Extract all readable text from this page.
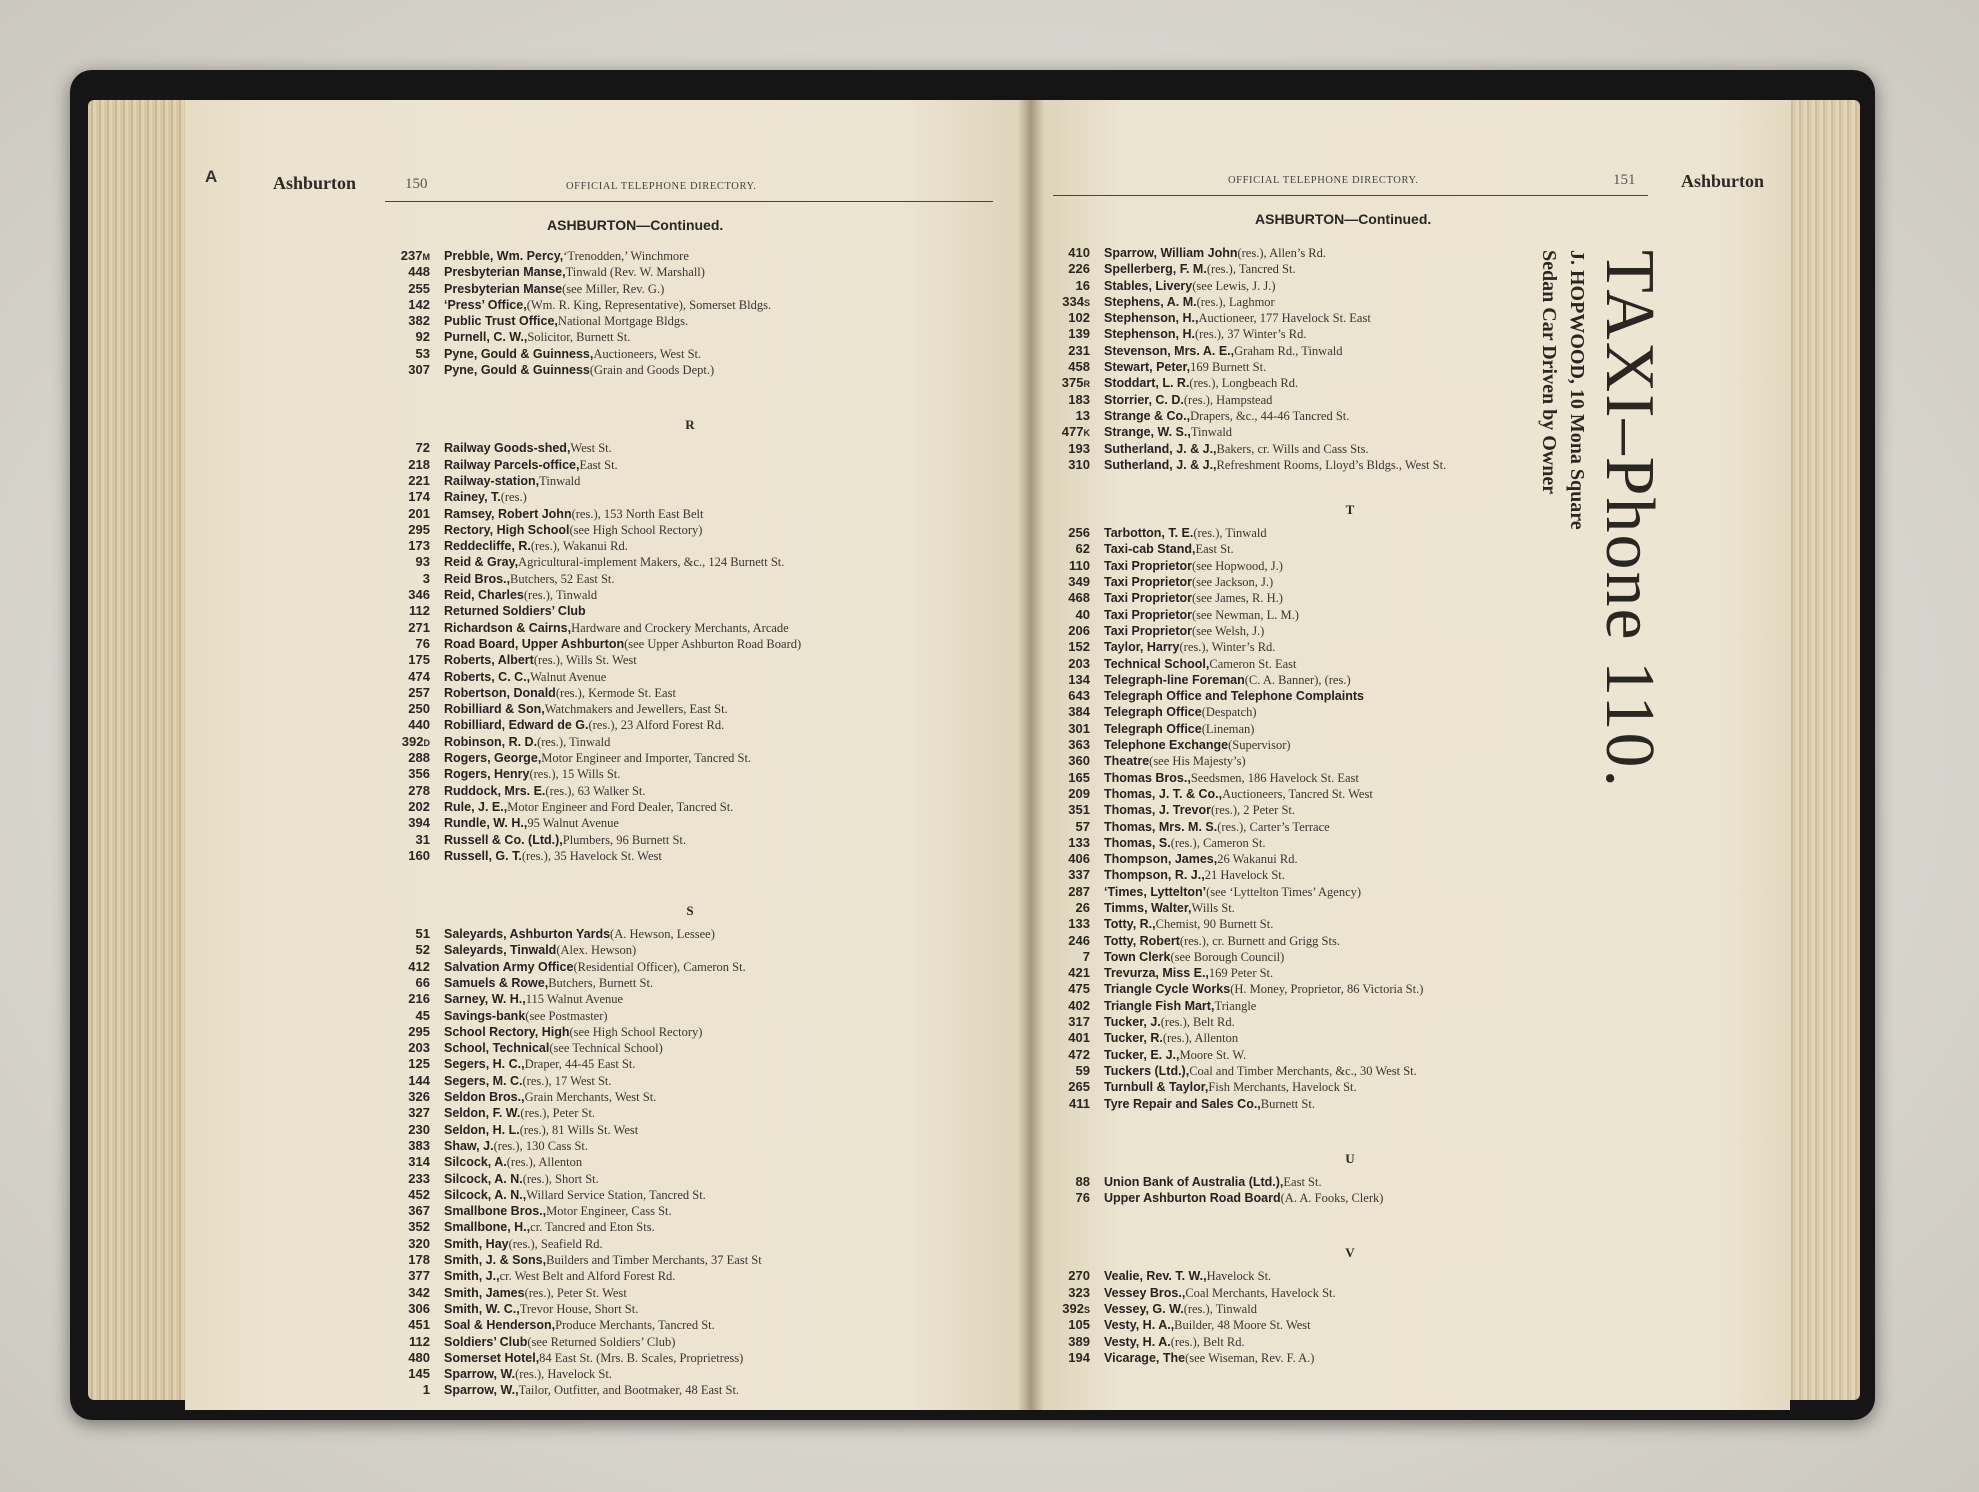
A	Ashburton	150	OFFICIAL TELEPHONE DIRECTORY.
ASHBURTON—Continued.
OFFICIAL TELEPHONE DIRECTORY.	151	Ashburton
ASHBURTON—Continued.
237M	Prebble, Wm. Percy, ‘Trenodden,’ Winchmore
448	Presbyterian Manse, Tinwald (Rev. W. Marshall)
255	Presbyterian Manse (see Miller, Rev. G.)
142	‘Press’ Office, (Wm. R. King, Representative), Somerset Bldgs.
382	Public Trust Office, National Mortgage Bldgs.
92	Purnell, C. W., Solicitor, Burnett St.
53	Pyne, Gould & Guinness, Auctioneers, West St.
307	Pyne, Gould & Guinness (Grain and Goods Dept.)
R
72	Railway Goods-shed, West St.
218	Railway Parcels-office, East St.
221	Railway-station, Tinwald
174	Rainey, T. (res.)
201	Ramsey, Robert John (res.), 153 North East Belt
295	Rectory, High School (see High School Rectory)
173	Reddecliffe, R. (res.), Wakanui Rd.
93	Reid & Gray, Agricultural-implement Makers, &c., 124 Burnett St.
3	Reid Bros., Butchers, 52 East St.
346	Reid, Charles (res.), Tinwald
112	Returned Soldiers’ Club
271	Richardson & Cairns, Hardware and Crockery Merchants, Arcade
76	Road Board, Upper Ashburton (see Upper Ashburton Road Board)
175	Roberts, Albert (res.), Wills St. West
474	Roberts, C. C., Walnut Avenue
257	Robertson, Donald (res.), Kermode St. East
250	Robilliard & Son, Watchmakers and Jewellers, East St.
440	Robilliard, Edward de G. (res.), 23 Alford Forest Rd.
392D	Robinson, R. D. (res.), Tinwald
288	Rogers, George, Motor Engineer and Importer, Tancred St.
356	Rogers, Henry (res.), 15 Wills St.
278	Ruddock, Mrs. E. (res.), 63 Walker St.
202	Rule, J. E., Motor Engineer and Ford Dealer, Tancred St.
394	Rundle, W. H., 95 Walnut Avenue
31	Russell & Co. (Ltd.), Plumbers, 96 Burnett St.
160	Russell, G. T. (res.), 35 Havelock St. West
S
51	Saleyards, Ashburton Yards (A. Hewson, Lessee)
52	Saleyards, Tinwald (Alex. Hewson)
412	Salvation Army Office (Residential Officer), Cameron St.
66	Samuels & Rowe, Butchers, Burnett St.
216	Sarney, W. H., 115 Walnut Avenue
45	Savings-bank (see Postmaster)
295	School Rectory, High (see High School Rectory)
203	School, Technical (see Technical School)
125	Segers, H. C., Draper, 44-45 East St.
144	Segers, M. C. (res.), 17 West St.
326	Seldon Bros., Grain Merchants, West St.
327	Seldon, F. W. (res.), Peter St.
230	Seldon, H. L. (res.), 81 Wills St. West
383	Shaw, J. (res.), 130 Cass St.
314	Silcock, A. (res.), Allenton
233	Silcock, A. N. (res.), Short St.
452	Silcock, A. N., Willard Service Station, Tancred St.
367	Smallbone Bros., Motor Engineer, Cass St.
352	Smallbone, H., cr. Tancred and Eton Sts.
320	Smith, Hay (res.), Seafield Rd.
178	Smith, J. & Sons, Builders and Timber Merchants, 37 East St
377	Smith, J., cr. West Belt and Alford Forest Rd.
342	Smith, James (res.), Peter St. West
306	Smith, W. C., Trevor House, Short St.
451	Soal & Henderson, Produce Merchants, Tancred St.
112	Soldiers’ Club (see Returned Soldiers’ Club)
480	Somerset Hotel, 84 East St. (Mrs. B. Scales, Proprietress)
145	Sparrow, W. (res.), Havelock St.
1	Sparrow, W., Tailor, Outfitter, and Bootmaker, 48 East St.
410	Sparrow, William John (res.), Allen’s Rd.
226	Spellerberg, F. M. (res.), Tancred St.
16	Stables, Livery (see Lewis, J. J.)
334S	Stephens, A. M. (res.), Laghmor
102	Stephenson, H., Auctioneer, 177 Havelock St. East
139	Stephenson, H. (res.), 37 Winter’s Rd.
231	Stevenson, Mrs. A. E., Graham Rd., Tinwald
458	Stewart, Peter, 169 Burnett St.
375R	Stoddart, L. R. (res.), Longbeach Rd.
183	Storrier, C. D. (res.), Hampstead
13	Strange & Co., Drapers, &c., 44-46 Tancred St.
477K	Strange, W. S., Tinwald
193	Sutherland, J. & J., Bakers, cr. Wills and Cass Sts.
310	Sutherland, J. & J., Refreshment Rooms, Lloyd’s Bldgs., West St.
T
256	Tarbotton, T. E. (res.), Tinwald
62	Taxi-cab Stand, East St.
110	Taxi Proprietor (see Hopwood, J.)
349	Taxi Proprietor (see Jackson, J.)
468	Taxi Proprietor (see James, R. H.)
40	Taxi Proprietor (see Newman, L. M.)
206	Taxi Proprietor (see Welsh, J.)
152	Taylor, Harry (res.), Winter’s Rd.
203	Technical School, Cameron St. East
134	Telegraph-line Foreman (C. A. Banner), (res.)
643	Telegraph Office and Telephone Complaints
384	Telegraph Office (Despatch)
301	Telegraph Office (Lineman)
363	Telephone Exchange (Supervisor)
360	Theatre (see His Majesty’s)
165	Thomas Bros., Seedsmen, 186 Havelock St. East
209	Thomas, J. T. & Co., Auctioneers, Tancred St. West
351	Thomas, J. Trevor (res.), 2 Peter St.
57	Thomas, Mrs. M. S. (res.), Carter’s Terrace
133	Thomas, S. (res.), Cameron St.
406	Thompson, James, 26 Wakanui Rd.
337	Thompson, R. J., 21 Havelock St.
287	‘Times, Lyttelton’ (see ‘Lyttelton Times’ Agency)
26	Timms, Walter, Wills St.
133	Totty, R., Chemist, 90 Burnett St.
246	Totty, Robert (res.), cr. Burnett and Grigg Sts.
7	Town Clerk (see Borough Council)
421	Trevurza, Miss E., 169 Peter St.
475	Triangle Cycle Works (H. Money, Proprietor, 86 Victoria St.)
402	Triangle Fish Mart, Triangle
317	Tucker, J. (res.), Belt Rd.
401	Tucker, R. (res.), Allenton
472	Tucker, E. J., Moore St. W.
59	Tuckers (Ltd.), Coal and Timber Merchants, &c., 30 West St.
265	Turnbull & Taylor, Fish Merchants, Havelock St.
411	Tyre Repair and Sales Co., Burnett St.
U
88	Union Bank of Australia (Ltd.), East St.
76	Upper Ashburton Road Board (A. A. Fooks, Clerk)
V
270	Vealie, Rev. T. W., Havelock St.
323	Vessey Bros., Coal Merchants, Havelock St.
392S	Vessey, G. W. (res.), Tinwald
105	Vesty, H. A., Builder, 48 Moore St. West
389	Vesty, H. A. (res.), Belt Rd.
194	Vicarage, The (see Wiseman, Rev. F. A.)
TAXI–Phone 110.
J. HOPWOOD, 10 Mona Square
Sedan Car Driven by Owner
